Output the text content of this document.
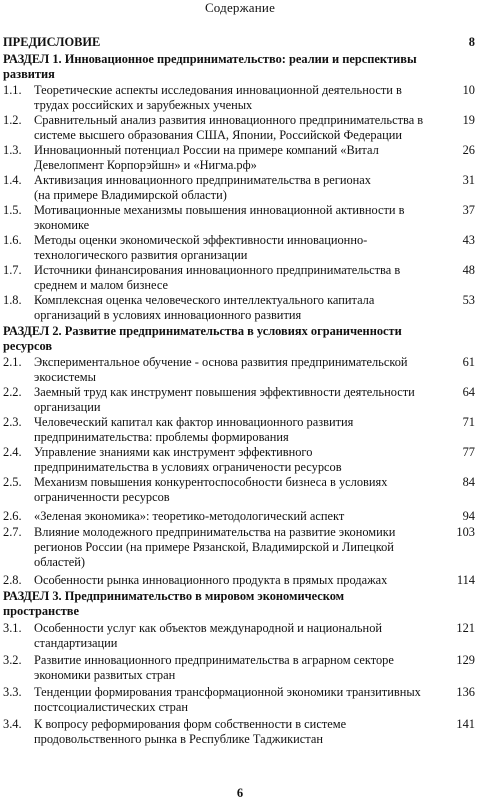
Содержание
ПРЕДИСЛОВИЕ	8
РАЗДЕЛ 1. Инновационное предпринимательство: реалии и перспективы
развития
1.1. Теоретические аспекты исследования инновационной деятельности в	10
трудах российских и зарубежных ученых
1.2. Сравнительный анализ развития инновационного предпринимательства в	19
системе высшего образования США, Японии, Российской Федерации
1.3. Инновационный потенциал России на примере компаний «Витал	26
Девелопмент Корпорэйшн» и «Нигма.рф»
1.4. Активизация инновационного предпринимательства в регионах	31
(на примере Владимирской области)
1.5. Мотивационные механизмы повышения инновационной активности в	37
экономике
1.6. Методы оценки экономической эффективности инновационно-	43
технологического развития организации
1.7. Источники финансирования инновационного предпринимательства в	48
среднем и малом бизнесе
1.8. Комплексная оценка человеческого интеллектуального капитала	53
организаций в условиях инновационного развития
РАЗДЕЛ 2. Развитие предпринимательства в условиях ограниченности
ресурсов
2.1. Экспериментальное обучение - основа развития предпринимательской	61
экосистемы
2.2. Заемный труд как инструмент повышения эффективности деятельности	64
организации
2.3. Человеческий капитал как фактор инновационного развития	71
предпринимательства: проблемы формирования
2.4. Управление знаниями как инструмент эффективного	77
предпринимательства в условиях ограничености ресурсов
2.5. Механизм повышения конкурентоспособности бизнеса в условиях	84
ограниченности ресурсов
2.6. «Зеленая экономика»: теоретико-методологический аспект	94
2.7. Влияние молодежного предпринимательства на развитие экономики	103
регионов России (на примере Рязанской, Владимирской и Липецкой
областей)
2.8. Особенности рынка инновационного продукта в прямых продажах	114
РАЗДЕЛ 3. Предпринимательство в мировом экономическом
пространстве
3.1. Особенности услуг как объектов международной и национальной	121
стандартизации
3.2. Развитие инновационного предпринимательства в аграрном секторе	129
экономики развитых стран
3.3. Тенденции формирования трансформационной экономики транзитивных	136
постсоциалистических стран
3.4. К вопросу реформирования форм собственности в системе	141
продовольственного рынка в Республике Таджикистан
6
